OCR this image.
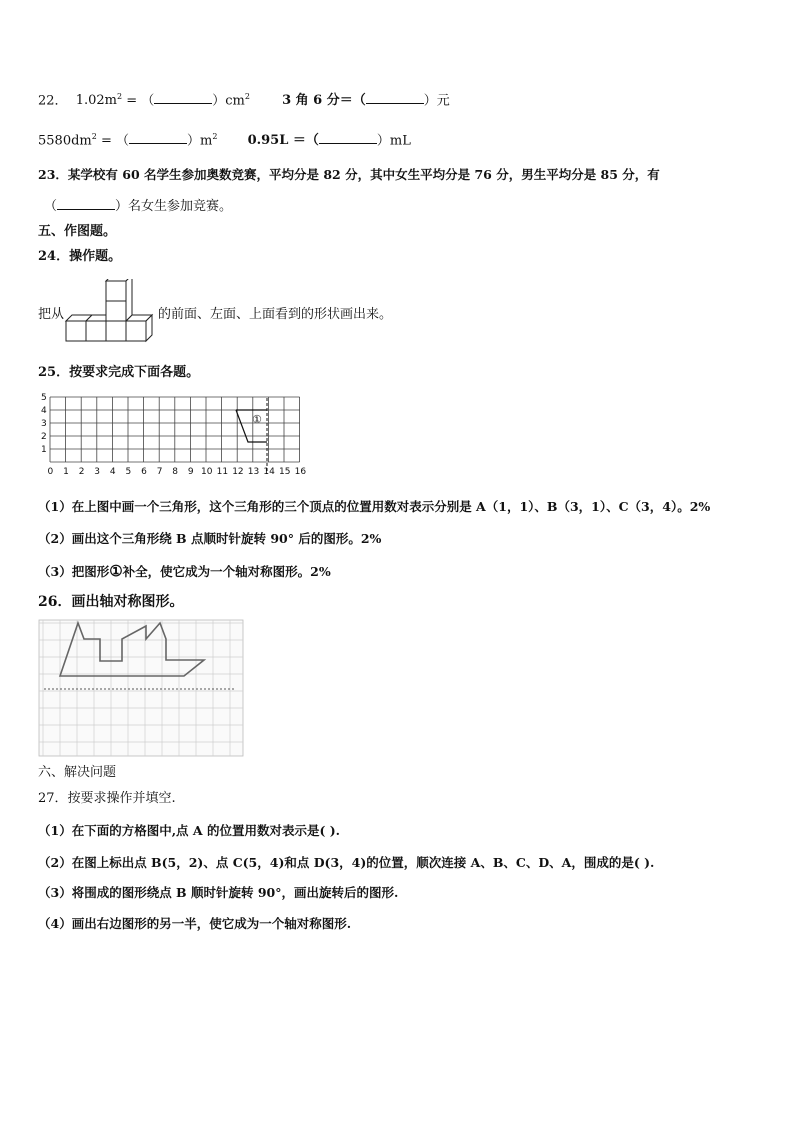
22． $1.02m^2$ = （	）$cm^2$ 3 角 6 分＝（	）元
$5580dm^2$ = （	）$m^2$ 0.95L ＝（	）mL
23．某学校有 60 名学生参加奥数竞赛，平均分是 82 分，其中女生平均分是 76 分，男生平均分是 85 分，有
（	）名女生参加竞赛。
五、作图题。
24．操作题。
把从	的前面、左面、上面看到的形状画出来。
25．按要求完成下面各题。
5
4
3
2
1
0 1 2 3 4 5 6 7 8 9 10 11 12 13 14 15 16
①
（1）在上图中画一个三角形，这个三角形的三个顶点的位置用数对表示分别是 A（1，1）、B（3，1）、C（3，4）。2%
（2）画出这个三角形绕 B 点顺时针旋转 90° 后的图形。2%
（3）把图形①补全，使它成为一个轴对称图形。2%
26．画出轴对称图形。
六、解决问题
27．按要求操作并填空.
（1）在下面的方格图中,点 A 的位置用数对表示是( ).
（2）在图上标出点 B(5，2)、点 C(5，4)和点 D(3，4)的位置，顺次连接 A、B、C、D、A，围成的是( ).
（3）将围成的图形绕点 B 顺时针旋转 90°，画出旋转后的图形.
（4）画出右边图形的另一半，使它成为一个轴对称图形.
